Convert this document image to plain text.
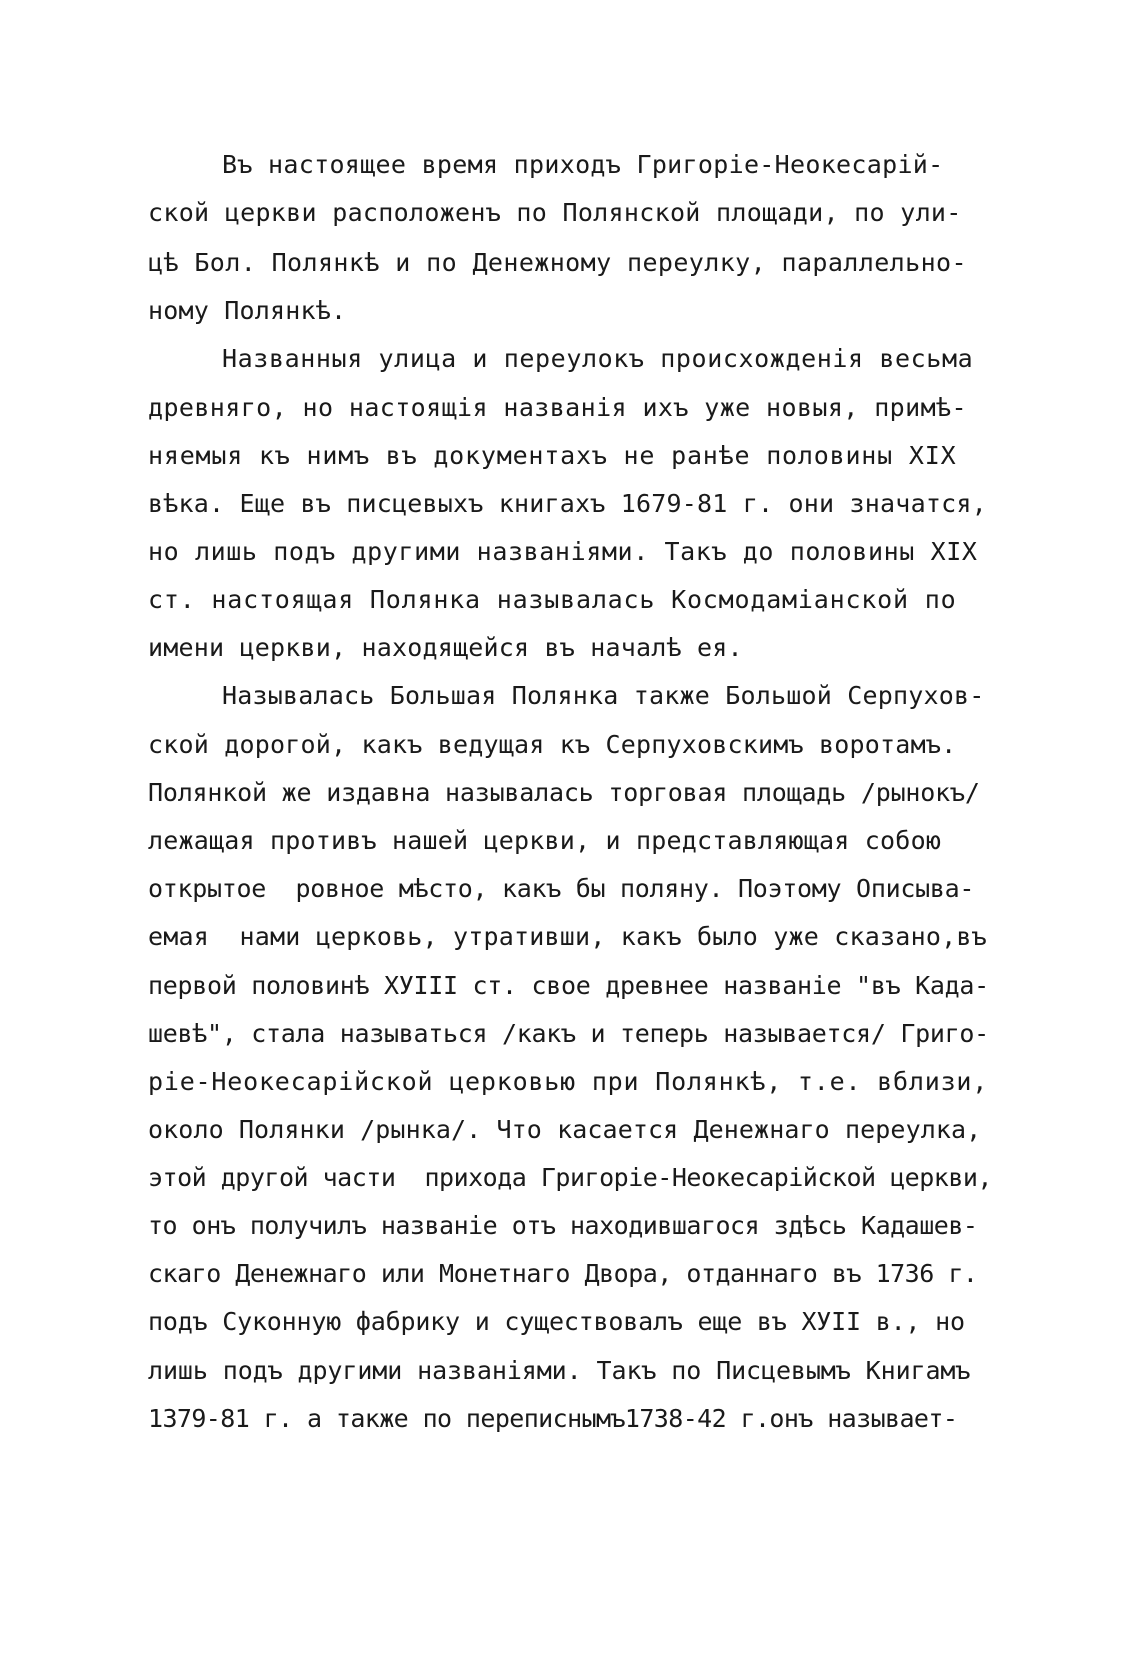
Въ настоящее время приходъ Григорie-Неокесарiй-
ской церкви расположенъ по Полянской площади, по ули-
цѣ Бол. Полянкѣ и по Денежному переулку, параллельно-
ному Полянкѣ.
Названныя улица и переулокъ происхожденiя весьма
древняго, но настоящiя названiя ихъ уже новыя, примѣ-
няемыя къ нимъ въ документахъ не ранѣе половины XIX
вѣка. Еще въ писцевыхъ книгахъ 1679-81 г. они значатся,
но лишь подъ другими названiями. Такъ до половины XIX
ст. настоящая Полянка называлась Космодамiанской по
имени церкви, находящейся въ началѣ ея.
Называлась Большая Полянка также Большой Серпухов-
ской дорогой, какъ ведущая къ Серпуховскимъ воротамъ.
Полянкой же издавна называлась торговая площадь /рынокъ/
лежащая противъ нашей церкви, и представляющая собою
открытое  ровное мѣсто, какъ бы поляну. Поэтому Описыва-
емая  нами церковь, утративши, какъ было уже сказано,въ
первой половинѣ ХУIII ст. свое древнее названiе "въ Када-
шевѣ", стала называться /какъ и теперь называется/ Григо-
рiе-Неокесарiйской церковью при Полянкѣ, т.е. вблизи,
около Полянки /рынка/. Что касается Денежнаго переулка,
этой другой части  прихода Григорiе-Неокесарiйской церкви,
то онъ получилъ названiе отъ находившагося здѣсь Кадашев-
скаго Денежнаго или Монетнаго Двора, отданнаго въ 1736 г.
подъ Суконную фабрику и существовалъ еще въ ХУII в., но
лишь подъ другими названiями. Такъ по Писцевымъ Книгамъ
1379-81 г. а также по переписнымъ1738-42 г.онъ называет-
